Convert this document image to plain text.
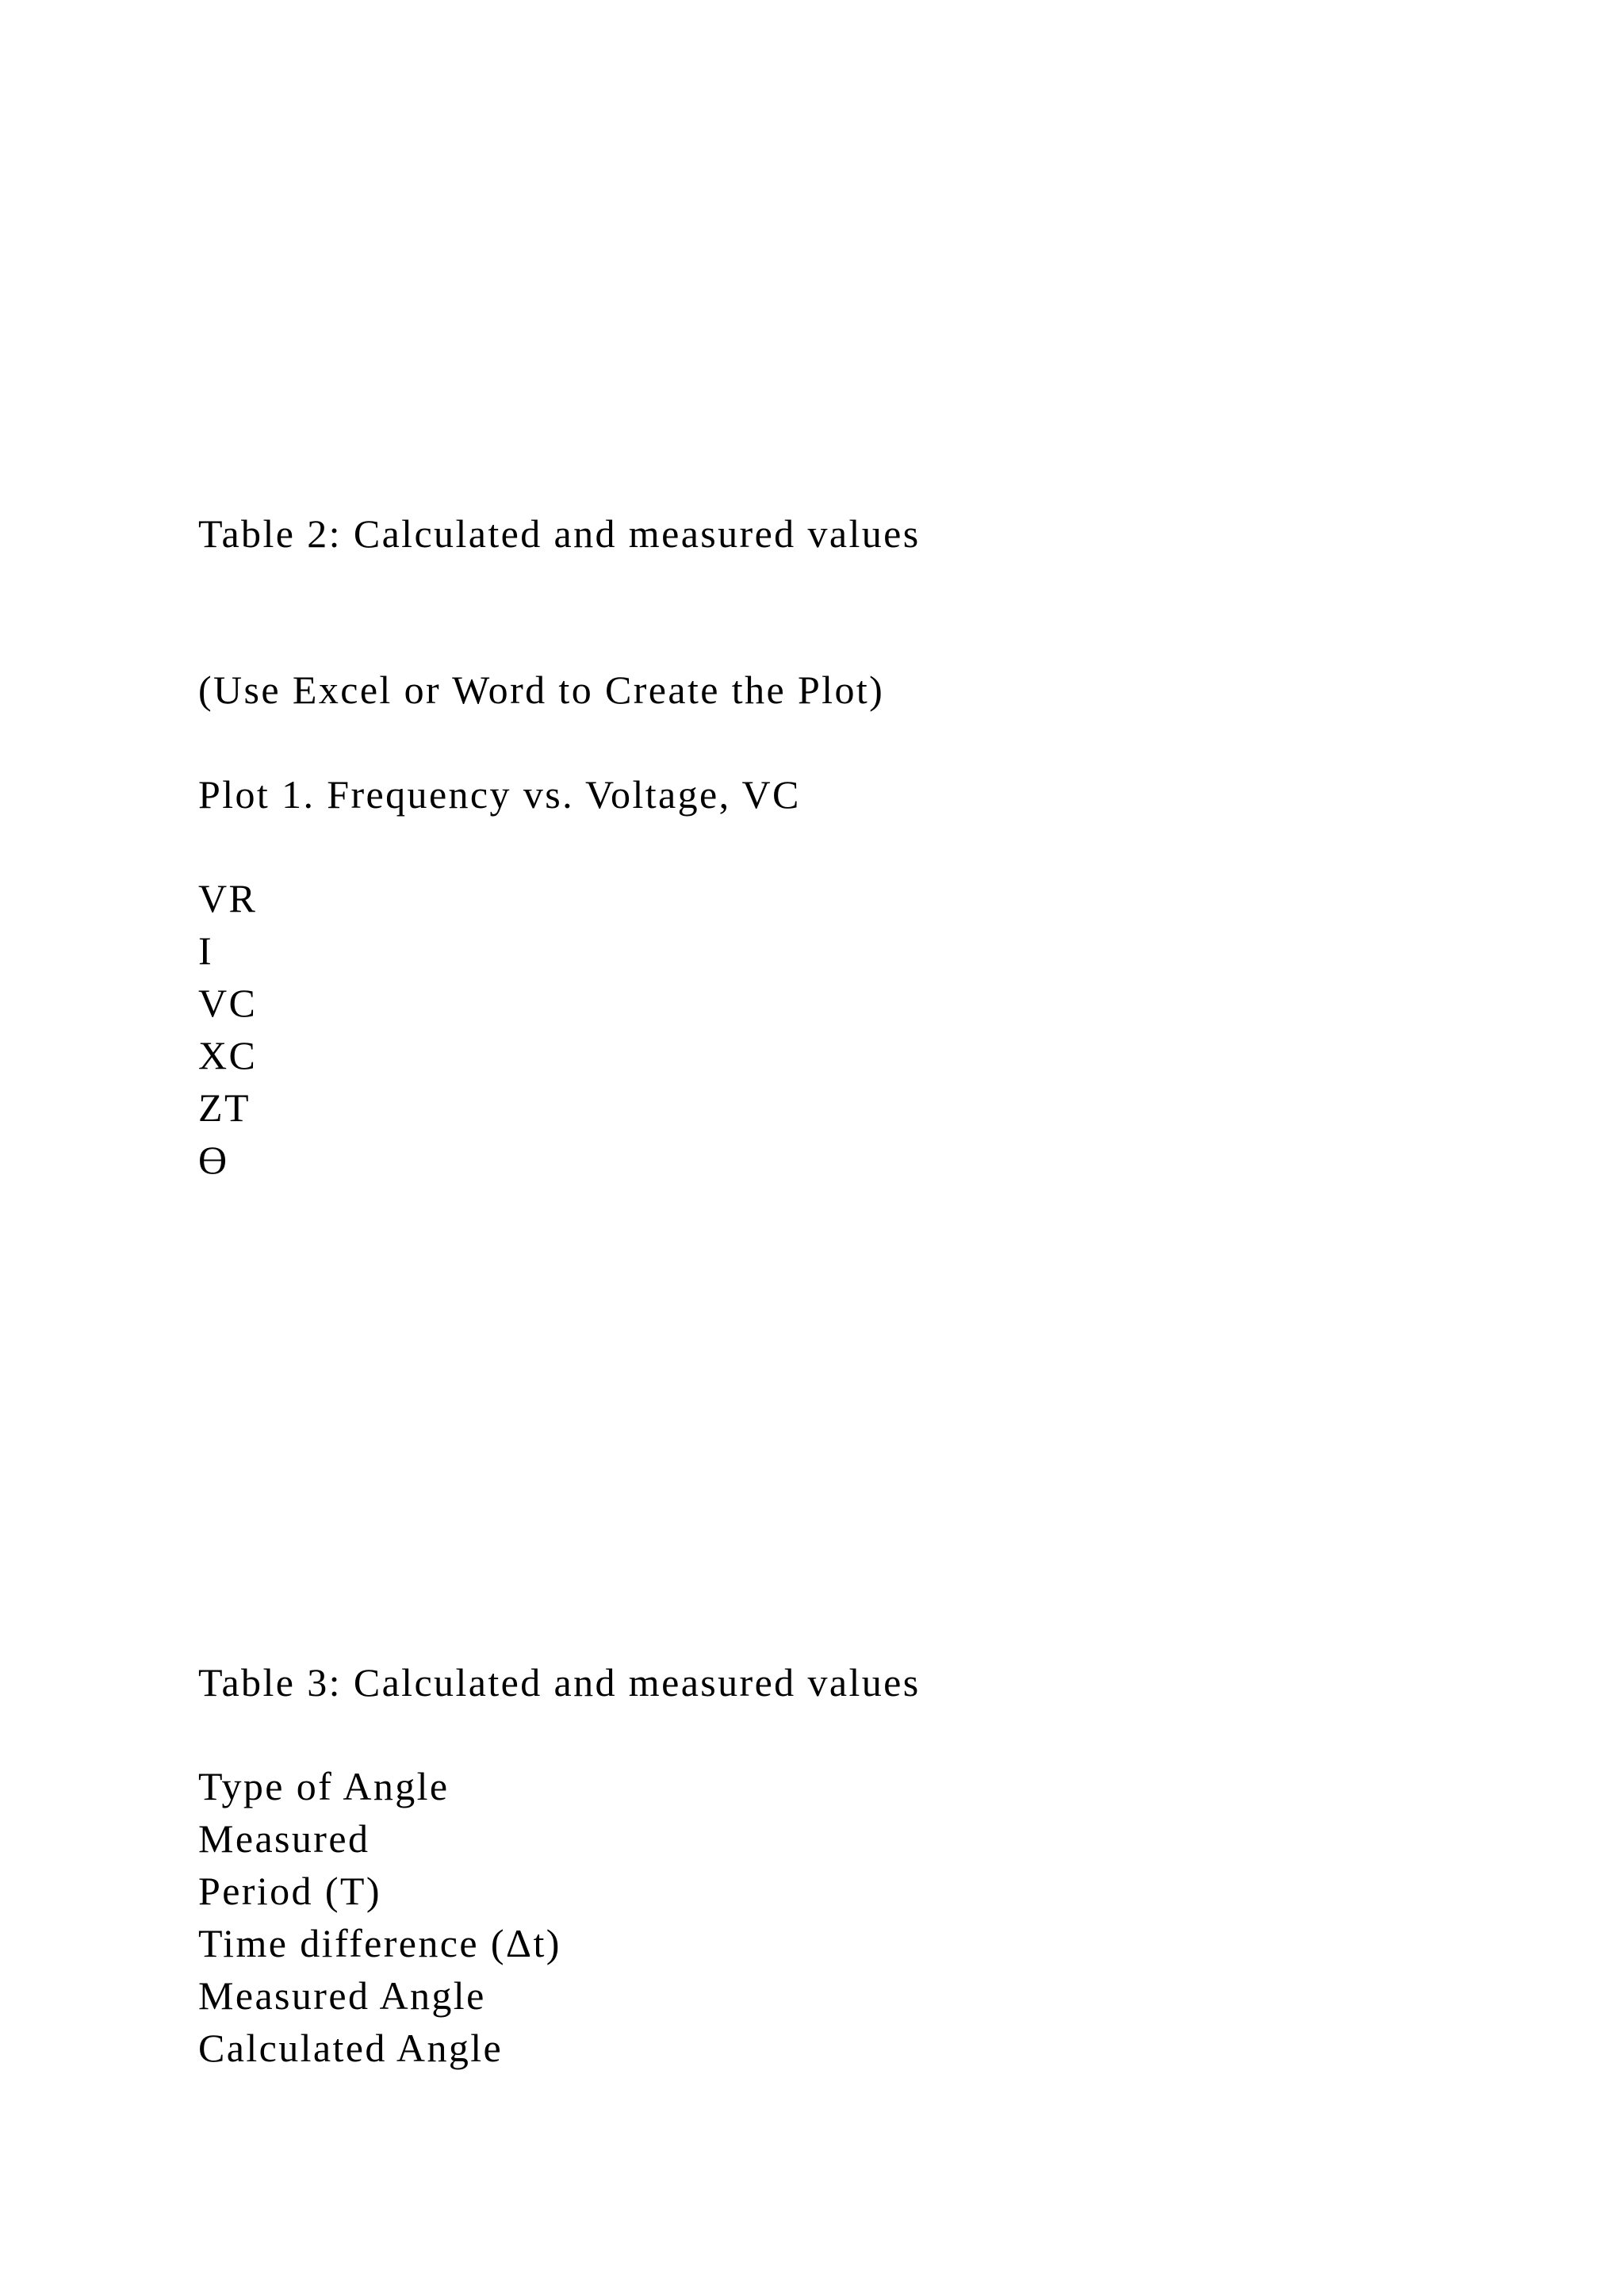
Table 2: Calculated and measured values

(Use Excel or Word to Create the Plot)

Plot 1. Frequency vs. Voltage, VC

VR
I
VC
XC
ZT
Ɵ

Table 3: Calculated and measured values

Type of Angle
Measured
Period (T)
Time difference (Δt)
Measured Angle
Calculated Angle
